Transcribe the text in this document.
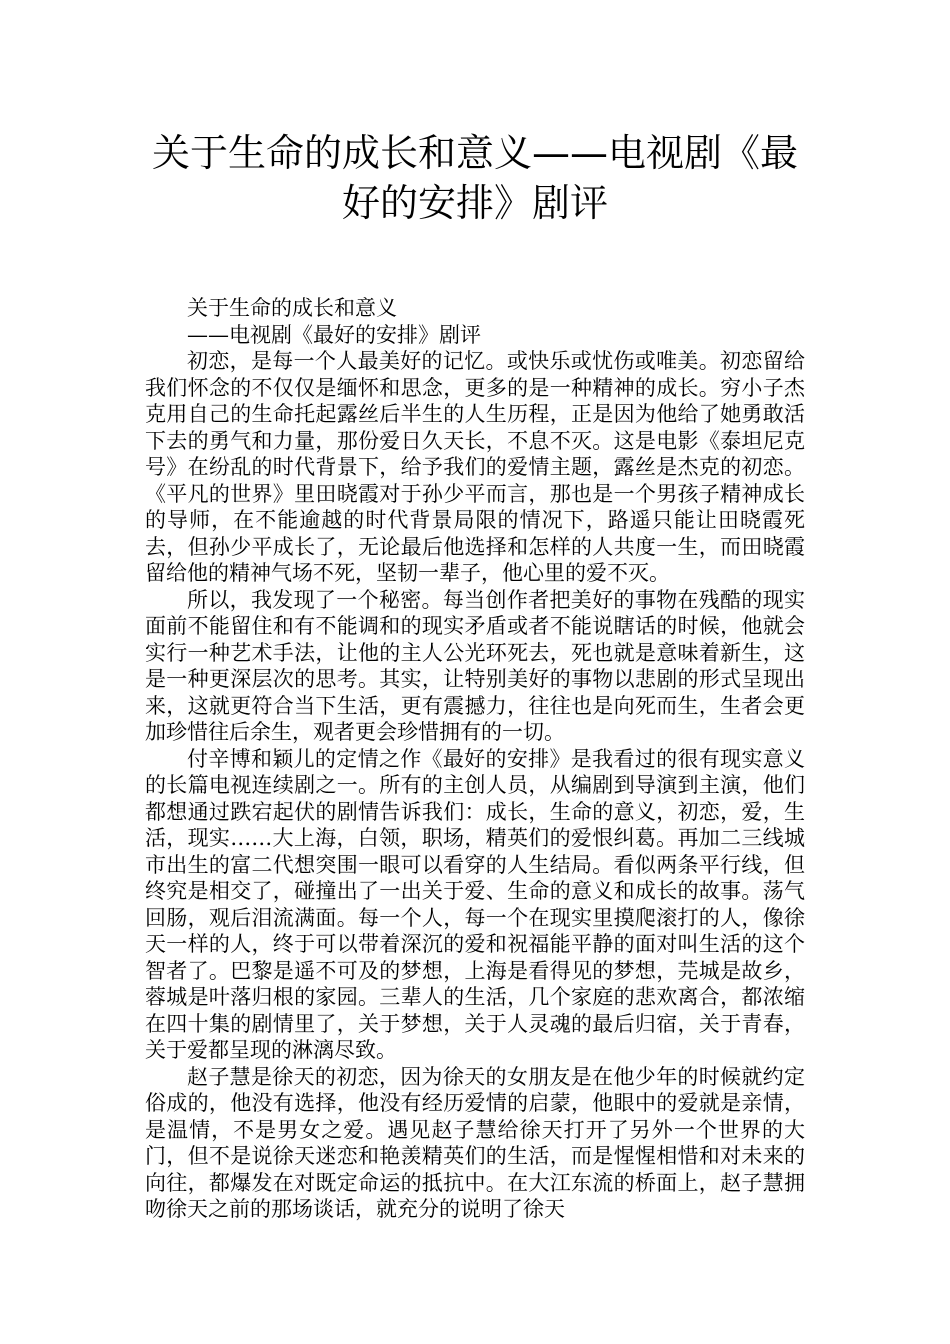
关于生命的成长和意义——电视剧《最好的安排》剧评

关于生命的成长和意义

——电视剧《最好的安排》剧评

初恋，是每一个人最美好的记忆。或快乐或忧伤或唯美。初恋留给我们怀念的不仅仅是缅怀和思念，更多的是一种精神的成长。穷小子杰克用自己的生命托起露丝后半生的人生历程，正是因为他给了她勇敢活下去的勇气和力量，那份爱日久天长，不息不灭。这是电影《泰坦尼克号》在纷乱的时代背景下，给予我们的爱情主题，露丝是杰克的初恋。《平凡的世界》里田晓霞对于孙少平而言，那也是一个男孩子精神成长的导师，在不能逾越的时代背景局限的情况下，路遥只能让田晓霞死去，但孙少平成长了，无论最后他选择和怎样的人共度一生，而田晓霞留给他的精神气场不死，坚韧一辈子，他心里的爱不灭。

所以，我发现了一个秘密。每当创作者把美好的事物在残酷的现实面前不能留住和有不能调和的现实矛盾或者不能说瞎话的时候，他就会实行一种艺术手法，让他的主人公光环死去，死也就是意味着新生，这是一种更深层次的思考。其实，让特别美好的事物以悲剧的形式呈现出来，这就更符合当下生活，更有震撼力，往往也是向死而生，生者会更加珍惜往后余生，观者更会珍惜拥有的一切。

付辛博和颖儿的定情之作《最好的安排》是我看过的很有现实意义的长篇电视连续剧之一。所有的主创人员，从编剧到导演到主演，他们都想通过跌宕起伏的剧情告诉我们：成长，生命的意义，初恋，爱，生活，现实……大上海，白领，职场，精英们的爱恨纠葛。再加二三线城市出生的富二代想突围一眼可以看穿的人生结局。看似两条平行线，但终究是相交了，碰撞出了一出关于爱、生命的意义和成长的故事。荡气回肠，观后泪流满面。每一个人，每一个在现实里摸爬滚打的人，像徐天一样的人，终于可以带着深沉的爱和祝福能平静的面对叫生活的这个智者了。巴黎是遥不可及的梦想，上海是看得见的梦想，芫城是故乡，蓉城是叶落归根的家园。三辈人的生活，几个家庭的悲欢离合，都浓缩在四十集的剧情里了，关于梦想，关于人灵魂的最后归宿，关于青春，关于爱都呈现的淋漓尽致。

赵子慧是徐天的初恋，因为徐天的女朋友是在他少年的时候就约定俗成的，他没有选择，他没有经历爱情的启蒙，他眼中的爱就是亲情，是温情，不是男女之爱。遇见赵子慧给徐天打开了另外一个世界的大门，但不是说徐天迷恋和艳羡精英们的生活，而是惺惺相惜和对未来的向往，都爆发在对既定命运的抵抗中。在大江东流的桥面上，赵子慧拥吻徐天之前的那场谈话，就充分的说明了徐天
